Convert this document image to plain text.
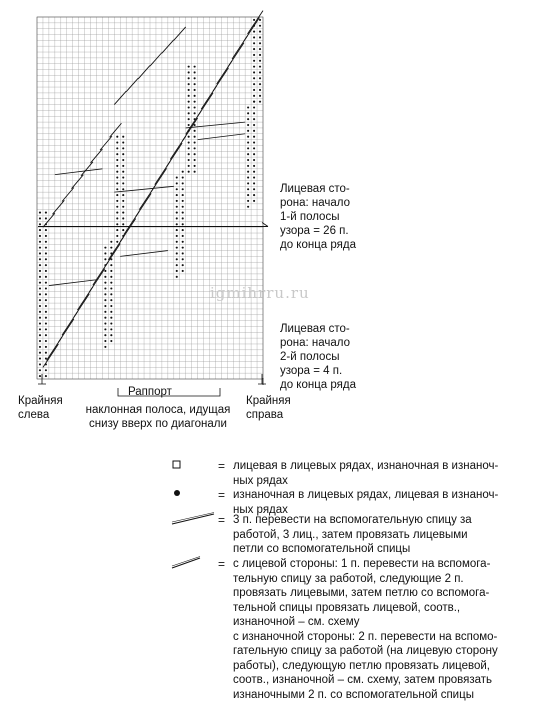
Лицевая сто-
рона: начало
1-й полосы
узора = 26 п.
до конца ряда
Лицевая сто-
рона: начало
2-й полосы
узора = 4 п.
до конца ряда
Крайняя
слева
Крайняя
справа
Раппорт
наклонная полоса, идущая
снизу вверх по диагонали
igmihrru.ru
= лицевая в лицевых рядах, изнаночная в изнаноч-
ных рядах
= изнаночная в лицевых рядах, лицевая в изнаноч-
ных рядах
= 3 п. перевести на вспомогательную спицу за
работой, 3 лиц., затем провязать лицевыми
петли со вспомогательной спицы
= с лицевой стороны: 1 п. перевести на вспомога-
тельную спицу за работой, следующие 2 п.
провязать лицевыми, затем петлю со вспомога-
тельной спицы провязать лицевой, соотв.,
изнаночной – см. схему
с изнаночной стороны: 2 п. перевести на вспомо-
гательную спицу за работой (на лицевую сторону
работы), следующую петлю провязать лицевой,
соотв., изнаночной – см. схему, затем провязать
изнаночными 2 п. со вспомогательной спицы
